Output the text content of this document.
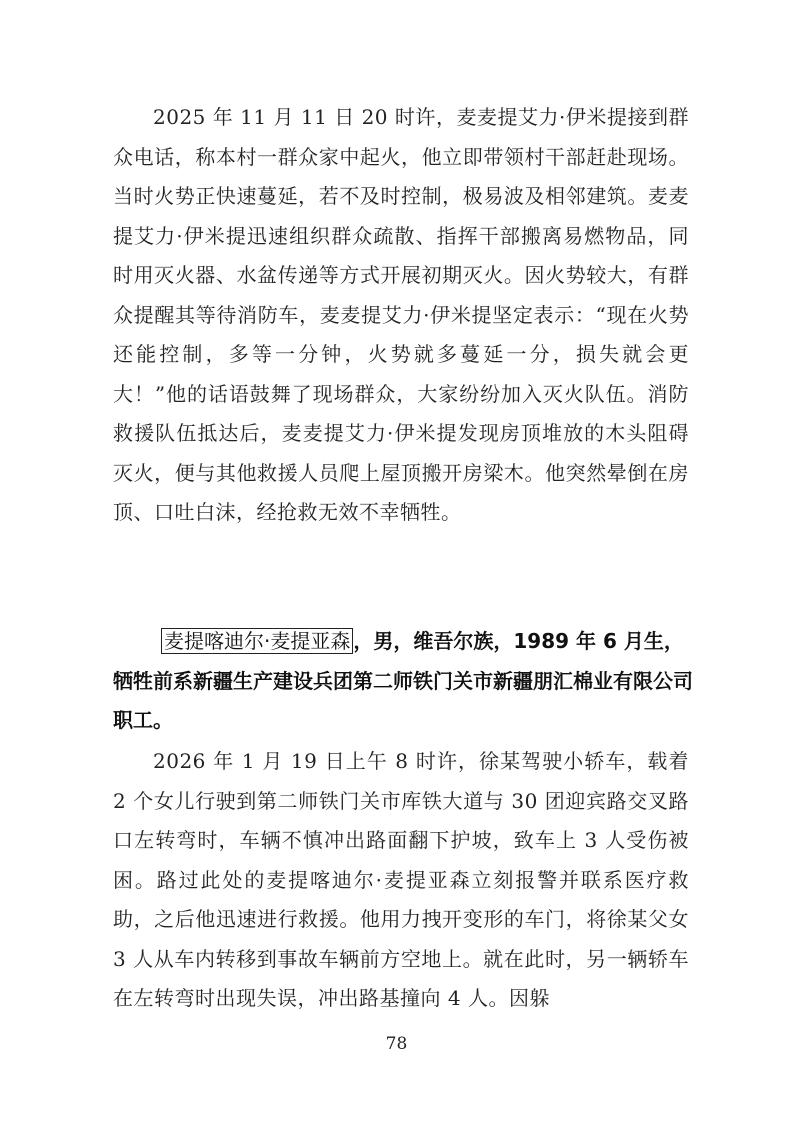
2025 年 11 月 11 日 20 时许，麦麦提艾力·伊米提接到群众电话，称本村一群众家中起火，他立即带领村干部赶赴现场。当时火势正快速蔓延，若不及时控制，极易波及相邻建筑。麦麦提艾力·伊米提迅速组织群众疏散、指挥干部搬离易燃物品，同时用灭火器、水盆传递等方式开展初期灭火。因火势较大，有群众提醒其等待消防车，麦麦提艾力·伊米提坚定表示：“现在火势还能控制，多等一分钟，火势就多蔓延一分，损失就会更大！”他的话语鼓舞了现场群众，大家纷纷加入灭火队伍。消防救援队伍抵达后，麦麦提艾力·伊米提发现房顶堆放的木头阻碍灭火，便与其他救援人员爬上屋顶搬开房梁木。他突然晕倒在房顶、口吐白沫，经抢救无效不幸牺牲。

麦提喀迪尔·麦提亚森 ，男，维吾尔族，1989 年 6 月生，牺牲前系新疆生产建设兵团第二师铁门关市新疆朋汇棉业有限公司职工。

2026 年 1 月 19 日上午 8 时许，徐某驾驶小轿车，载着 2 个女儿行驶到第二师铁门关市库铁大道与 30 团迎宾路交叉路口左转弯时，车辆不慎冲出路面翻下护坡，致车上 3 人受伤被困。路过此处的麦提喀迪尔·麦提亚森立刻报警并联系医疗救助，之后他迅速进行救援。他用力拽开变形的车门，将徐某父女 3 人从车内转移到事故车辆前方空地上。就在此时，另一辆轿车在左转弯时出现失误，冲出路基撞向 4 人。因躲

78
